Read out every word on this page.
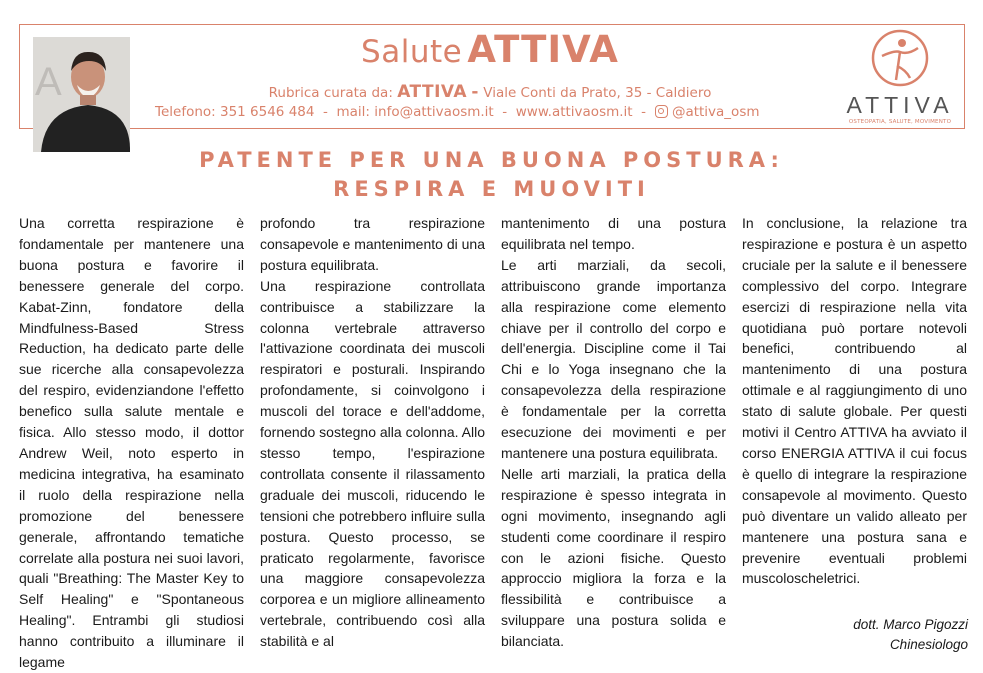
A
Salute ATTIVA
Rubrica curata da: ATTIVA - Viale Conti da Prato, 35 - Caldiero
Telefono: 351 6546 484  -  mail: info@attivaosm.it  -  www.attivaosm.it  -   @attiva_osm	ATTIVA
OSTEOPATIA, SALUTE, MOVIMENTO
PATENTE PER UNA BUONA POSTURA:
RESPIRA E MUOVITI

Una corretta respirazione è fondamentale per mantenere una buona postura e favorire il benessere generale del corpo. Kabat-Zinn, fondatore della Mindfulness-Based Stress Reduction, ha dedicato parte delle sue ricerche alla consapevolezza del respiro, evidenziandone l'effetto benefico sulla salute mentale e fisica. Allo stesso modo, il dottor Andrew Weil, noto esperto in medicina integrativa, ha esaminato il ruolo della respirazione nella promozione del benessere generale, affrontando tematiche correlate alla postura nei suoi lavori, quali "Breathing: The Master Key to Self Healing" e "Spontaneous Healing". Entrambi gli studiosi hanno contribuito a illuminare il legame

profondo tra respirazione consapevole e mantenimento di una postura equilibrata.

Una respirazione controllata contribuisce a stabilizzare la colonna vertebrale attraverso l'attivazione coordinata dei muscoli respiratori e posturali. Inspirando profondamente, si coinvolgono i muscoli del torace e dell'addome, fornendo sostegno alla colonna. Allo stesso tempo, l'espirazione controllata consente il rilassamento graduale dei muscoli, riducendo le tensioni che potrebbero influire sulla postura. Questo processo, se praticato regolarmente, favorisce una maggiore consapevolezza corporea e un migliore allineamento vertebrale, contribuendo così alla stabilità e al

mantenimento di una postura equilibrata nel tempo.

Le arti marziali, da secoli, attribuiscono grande importanza alla respirazione come elemento chiave per il controllo del corpo e dell'energia. Discipline come il Tai Chi e lo Yoga insegnano che la consapevolezza della respirazione è fondamentale per la corretta esecuzione dei movimenti e per mantenere una postura equilibrata.

Nelle arti marziali, la pratica della respirazione è spesso integrata in ogni movimento, insegnando agli studenti come coordinare il respiro con le azioni fisiche. Questo approccio migliora la forza e la flessibilità e contribuisce a sviluppare una postura solida e bilanciata.

In conclusione, la relazione tra respirazione e postura è un aspetto cruciale per la salute e il benessere complessivo del corpo. Integrare esercizi di respirazione nella vita quotidiana può portare notevoli benefici, contribuendo al mantenimento di una postura ottimale e al raggiungimento di uno stato di salute globale. Per questi motivi il Centro ATTIVA ha avviato il corso ENERGIA ATTIVA il cui focus è quello di integrare la respirazione consapevole al movimento. Questo può diventare un valido alleato per mantenere una postura sana e prevenire eventuali problemi muscoloscheletrici.

dott. Marco Pigozzi
Chinesiologo
